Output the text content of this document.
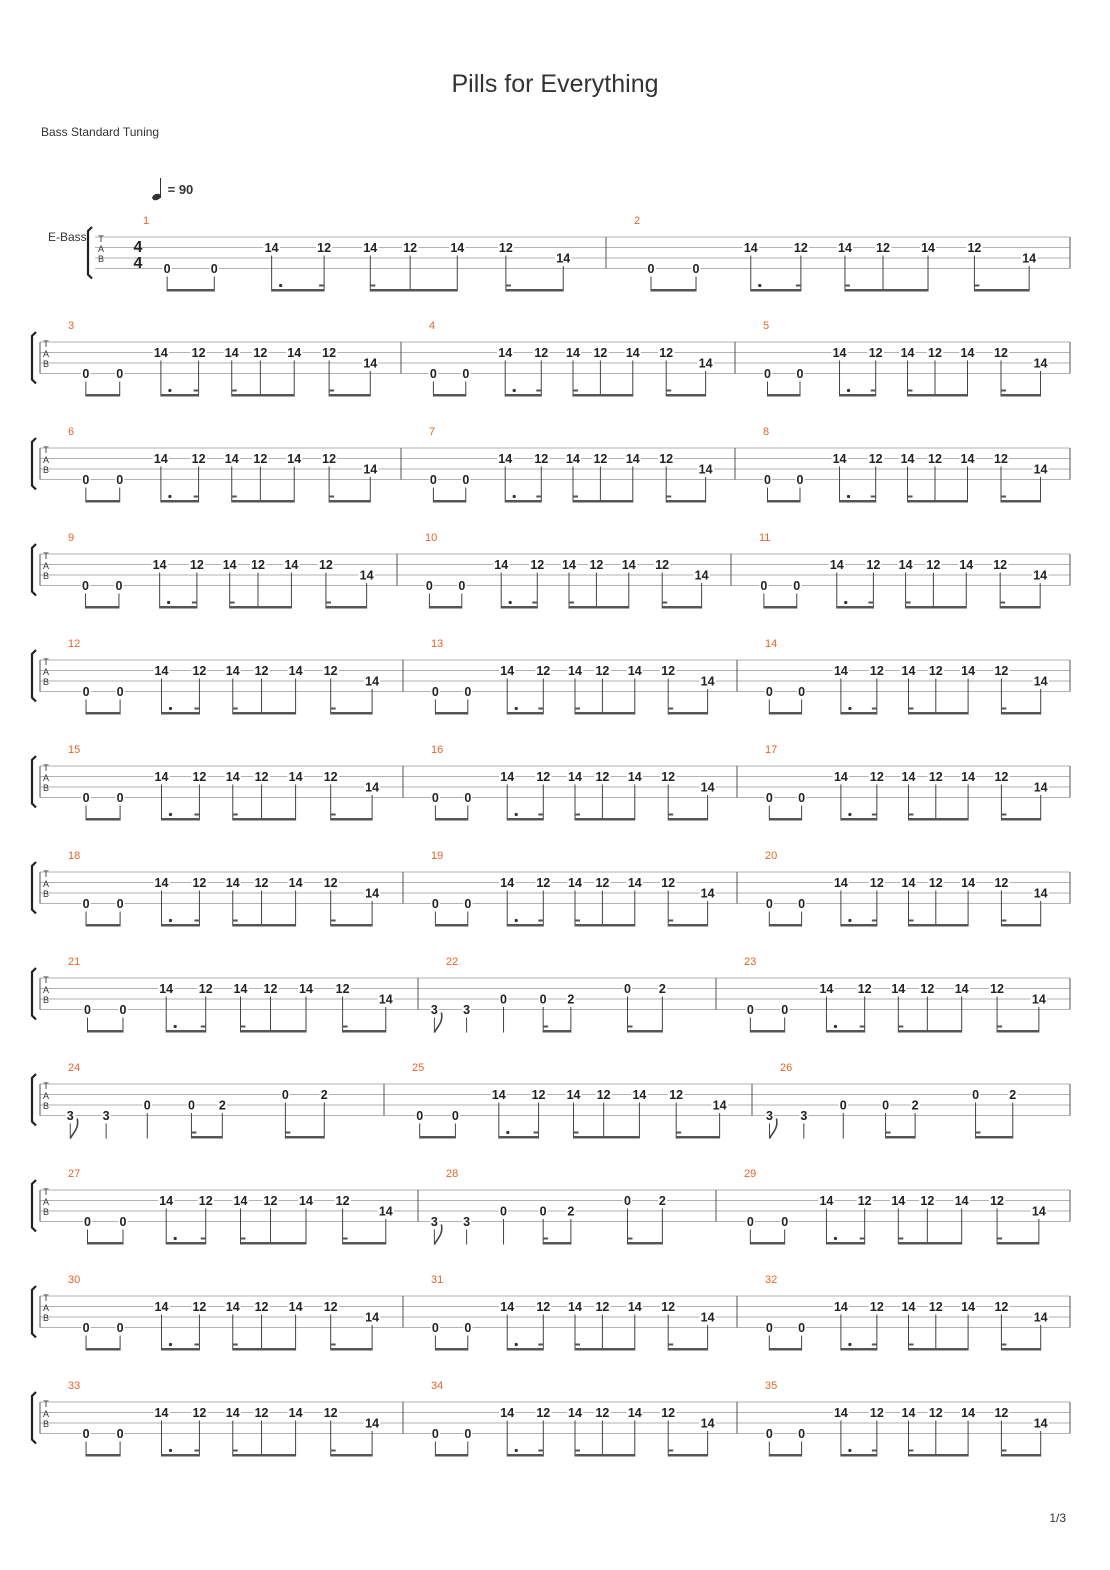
Pills for Everything
Bass Standard Tuning
E-Bass
= 90
1/3
T
A
B
4
4
1
0	0
14	12	14 12	14	12
14
2
0	0
14	12 14 12 14	12
14
T
A
B
3
0 0
14 12 14 12 14 12
14
4
0 0
14 12 14 12 14 12
14
5
0 0
14 12 14 12 14 12
14
T
A
B
6
0 0
14 12 14 12 14 12
14
7
0 0
14 12 14 12 14 12
14
8
0 0
14 12 14 12 14 12
14
T
A
B
9
0 0
14 12 14 12 14 12
14
10
0 0
14 12 14 12 14 12
14
11
0 0
14 12 14 12 14 12
14
T
A
B
12
0 0
14 12 14 12 14 12
14
13
0 0
14 12 14 12 14 12
14
14
0 0
14 12 14 12 14 12
14
T
A
B
15
0 0
14 12 14 12 14 12
14
16
0 0
14 12 14 12 14 12
14
17
0 0
14 12 14 12 14 12
14
T
A
B
18
0 0
14 12 14 12 14 12
14
19
0 0
14 12 14 12 14 12
14
20
0 0
14 12 14 12 14 12
14
T
A
B
21
0 0
14 12 14 12 14 12
14
22
3 3
0	0 2
0 2
23
0 0
14 12 14 12 14 12
14
T
A
B
24
3 3
0	0 2
0	2
25
0 0
14 12 14 12 14 12
14
26
3 3
0	0 2
0 2
T
A
B
27
0 0
14 12 14 12 14 12
14
28
3 3
0	0 2
0 2
29
0 0
14 12 14 12 14 12
14
T
A
B
30
0 0
14 12 14 12 14 12
14
31
0 0
14 12 14 12 14 12
14
32
0 0
14 12 14 12 14 12
14
T
A
B
33
0 0
14 12 14 12 14 12
14
34
0 0
14 12 14 12 14 12
14
35
0 0
14 12 14 12 14 12
14
